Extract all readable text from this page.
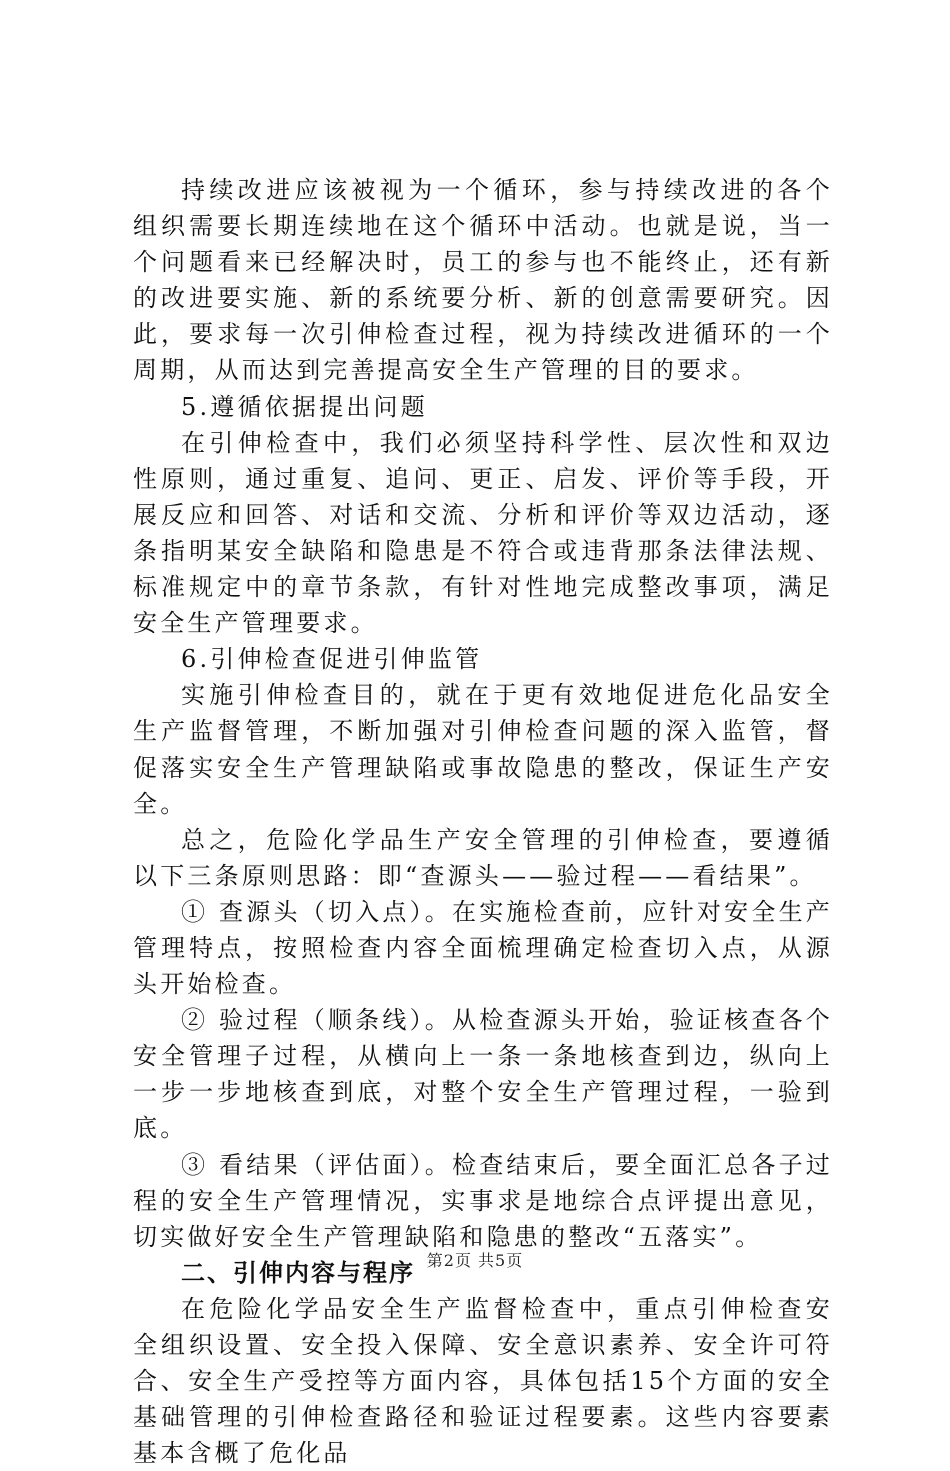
持续改进应该被视为一个循环，参与持续改进的各个组织需要长期连续地在这个循环中活动。也就是说，当一个问题看来已经解决时，员工的参与也不能终止，还有新的改进要实施、新的系统要分析、新的创意需要研究。因此，要求每一次引伸检查过程，视为持续改进循环的一个周期，从而达到完善提高安全生产管理的目的要求。

5.遵循依据提出问题

在引伸检查中，我们必须坚持科学性、层次性和双边性原则，通过重复、追问、更正、启发、评价等手段，开展反应和回答、对话和交流、分析和评价等双边活动，逐条指明某安全缺陷和隐患是不符合或违背那条法律法规、标准规定中的章节条款，有针对性地完成整改事项，满足安全生产管理要求。

6.引伸检查促进引伸监管

实施引伸检查目的，就在于更有效地促进危化品安全生产监督管理，不断加强对引伸检查问题的深入监管，督促落实安全生产管理缺陷或事故隐患的整改，保证生产安全。

总之，危险化学品生产安全管理的引伸检查，要遵循以下三条原则思路：即“查源头——验过程——看结果”。

① 查源头（切入点）。在实施检查前，应针对安全生产管理特点，按照检查内容全面梳理确定检查切入点，从源头开始检查。

② 验过程（顺条线）。从检查源头开始，验证核查各个安全管理子过程，从横向上一条一条地核查到边，纵向上一步一步地核查到底，对整个安全生产管理过程，一验到底。

③ 看结果（评估面）。检查结束后，要全面汇总各子过程的安全生产管理情况，实事求是地综合点评提出意见，切实做好安全生产管理缺陷和隐患的整改“五落实”。

二、引伸内容与程序

在危险化学品安全生产监督检查中，重点引伸检查安全组织设置、安全投入保障、安全意识素养、安全许可符合、安全生产受控等方面内容，具体包括15个方面的安全基础管理的引伸检查路径和验证过程要素。这些内容要素基本含概了危化品

第2页 共5页
